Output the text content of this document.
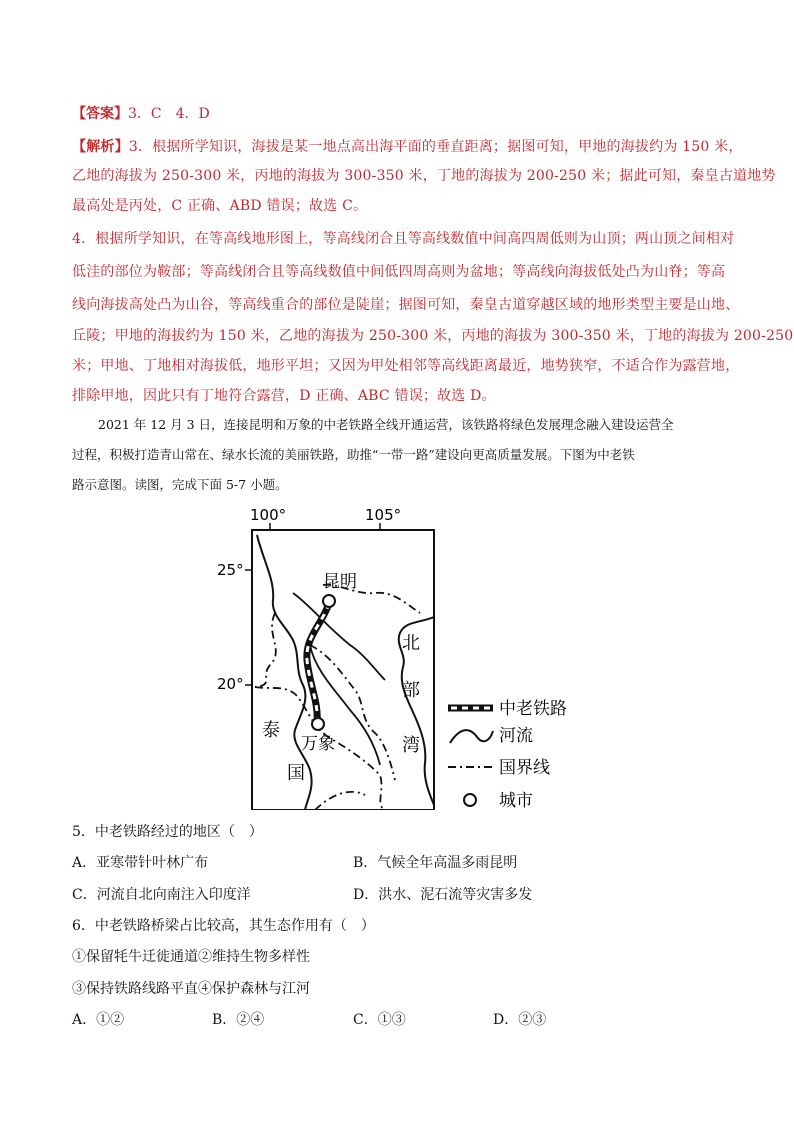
【答案】3．C　4．D
【解析】3．根据所学知识，海拔是某一地点高出海平面的垂直距离；据图可知，甲地的海拔约为 150 米，
乙地的海拔为 250-300 米，丙地的海拔为 300-350 米，丁地的海拔为 200-250 米；据此可知，秦皇古道地势
最高处是丙处，C 正确、ABD 错误；故选 C。
4．根据所学知识，在等高线地形图上，等高线闭合且等高线数值中间高四周低则为山顶；两山顶之间相对
低洼的部位为鞍部；等高线闭合且等高线数值中间低四周高则为盆地；等高线向海拔低处凸为山脊；等高
线向海拔高处凸为山谷，等高线重合的部位是陡崖；据图可知，秦皇古道穿越区域的地形类型主要是山地、
丘陵；甲地的海拔约为 150 米，乙地的海拔为 250-300 米，丙地的海拔为 300-350 米，丁地的海拔为 200-250
米；甲地、丁地相对海拔低，地形平坦；又因为甲处相邻等高线距离最近，地势狭窄，不适合作为露营地，
排除甲地，因此只有丁地符合露营，D 正确、ABC 错误；故选 D。
2021 年 12 月 3 日，连接昆明和万象的中老铁路全线开通运营，该铁路将绿色发展理念融入建设运营全
过程，积极打造青山常在、绿水长流的美丽铁路，助推“一带一路”建设向更高质量发展。下图为中老铁
路示意图。读图，完成下面 5-7 小题。
100°	105°
25°
20°
昆明
万象
泰
国
北
部
湾
中老铁路
河流
国界线
城市
5．中老铁路经过的地区（　）
A．亚寒带针叶林广布	B．气候全年高温多雨昆明
C．河流自北向南注入印度洋	D．洪水、泥石流等灾害多发
6．中老铁路桥梁占比较高，其生态作用有（　）
①保留牦牛迁徙通道②维持生物多样性
③保持铁路线路平直④保护森林与江河
A．①②	B．②④	C．①③	D．②③
